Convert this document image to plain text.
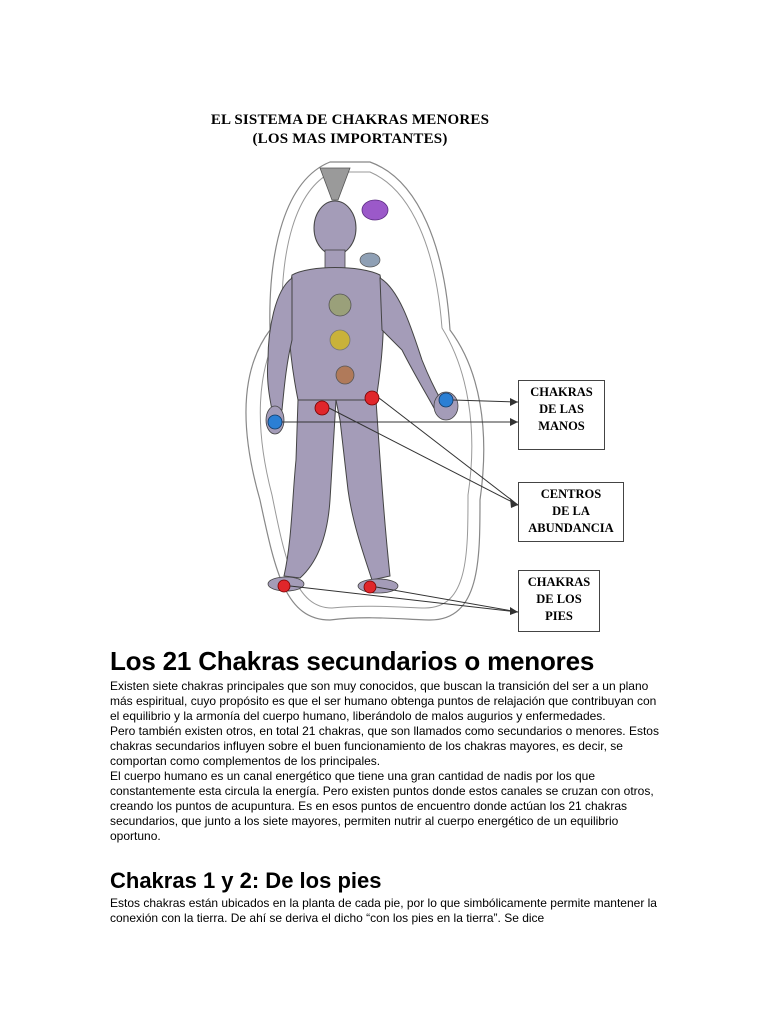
EL SISTEMA DE CHAKRAS MENORES
(LOS MAS IMPORTANTES)
CHAKRAS
DE LAS
MANOS
CENTROS
DE LA
ABUNDANCIA
CHAKRAS
DE LOS
PIES
Los 21 Chakras secundarios o menores

Existen siete chakras principales que son muy conocidos, que buscan la transición del ser a un plano más espiritual, cuyo propósito es que el ser humano obtenga puntos de relajación que contribuyan con el equilibrio y la armonía del cuerpo humano, liberándolo de malos augurios y enfermedades.

Pero también existen otros, en total 21 chakras, que son llamados como secundarios o menores. Estos chakras secundarios influyen sobre el buen funcionamiento de los chakras mayores, es decir, se comportan como complementos de los principales.

El cuerpo humano es un canal energético que tiene una gran cantidad de nadis por los que constantemente esta circula la energía. Pero existen puntos donde estos canales se cruzan con otros, creando los puntos de acupuntura. Es en esos puntos de encuentro donde actúan los 21 chakras secundarios, que junto a los siete mayores, permiten nutrir al cuerpo energético de un equilibrio oportuno.

Chakras 1 y 2: De los pies

Estos chakras están ubicados en la planta de cada pie, por lo que simbólicamente permite mantener la conexión con la tierra. De ahí se deriva el dicho “con los pies en la tierra”. Se dice
